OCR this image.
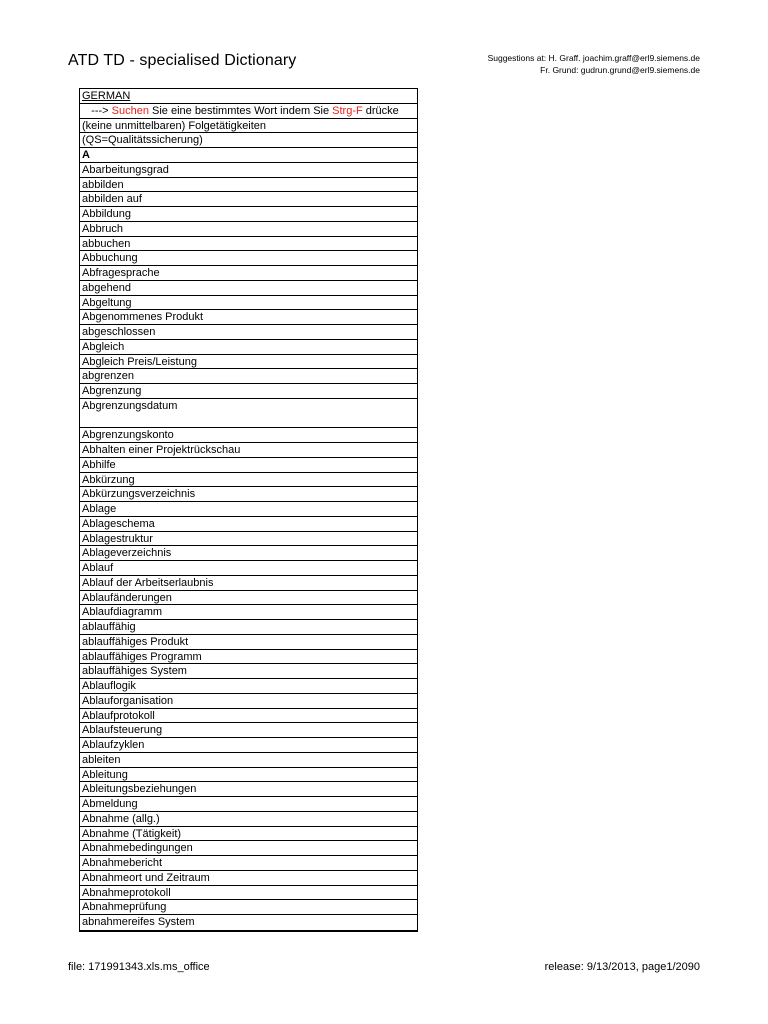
ATD TD - specialised Dictionary	Suggestions at: H. Graff. joachim.graff@erl9.siemens.de
Fr. Grund: gudrun.grund@erl9.siemens.de
GERMAN
---> Suchen Sie eine bestimmtes Wort indem Sie Strg-F drücke
(keine unmittelbaren) Folgetätigkeiten
(QS=Qualitätssicherung)
A
Abarbeitungsgrad
abbilden
abbilden auf
Abbildung
Abbruch
abbuchen
Abbuchung
Abfragesprache
abgehend
Abgeltung
Abgenommenes Produkt
abgeschlossen
Abgleich
Abgleich Preis/Leistung
abgrenzen
Abgrenzung
Abgrenzungsdatum
Abgrenzungskonto
Abhalten einer Projektrückschau
Abhilfe
Abkürzung
Abkürzungsverzeichnis
Ablage
Ablageschema
Ablagestruktur
Ablageverzeichnis
Ablauf
Ablauf der Arbeitserlaubnis
Ablaufänderungen
Ablaufdiagramm
ablauffähig
ablauffähiges Produkt
ablauffähiges Programm
ablauffähiges System
Ablauflogik
Ablauforganisation
Ablaufprotokoll
Ablaufsteuerung
Ablaufzyklen
ableiten
Ableitung
Ableitungsbeziehungen
Abmeldung
Abnahme (allg.)
Abnahme (Tätigkeit)
Abnahmebedingungen
Abnahmebericht
Abnahmeort und Zeitraum
Abnahmeprotokoll
Abnahmeprüfung
abnahmereifes System
file: 171991343.xls.ms_office	release: 9/13/2013, page1/2090
